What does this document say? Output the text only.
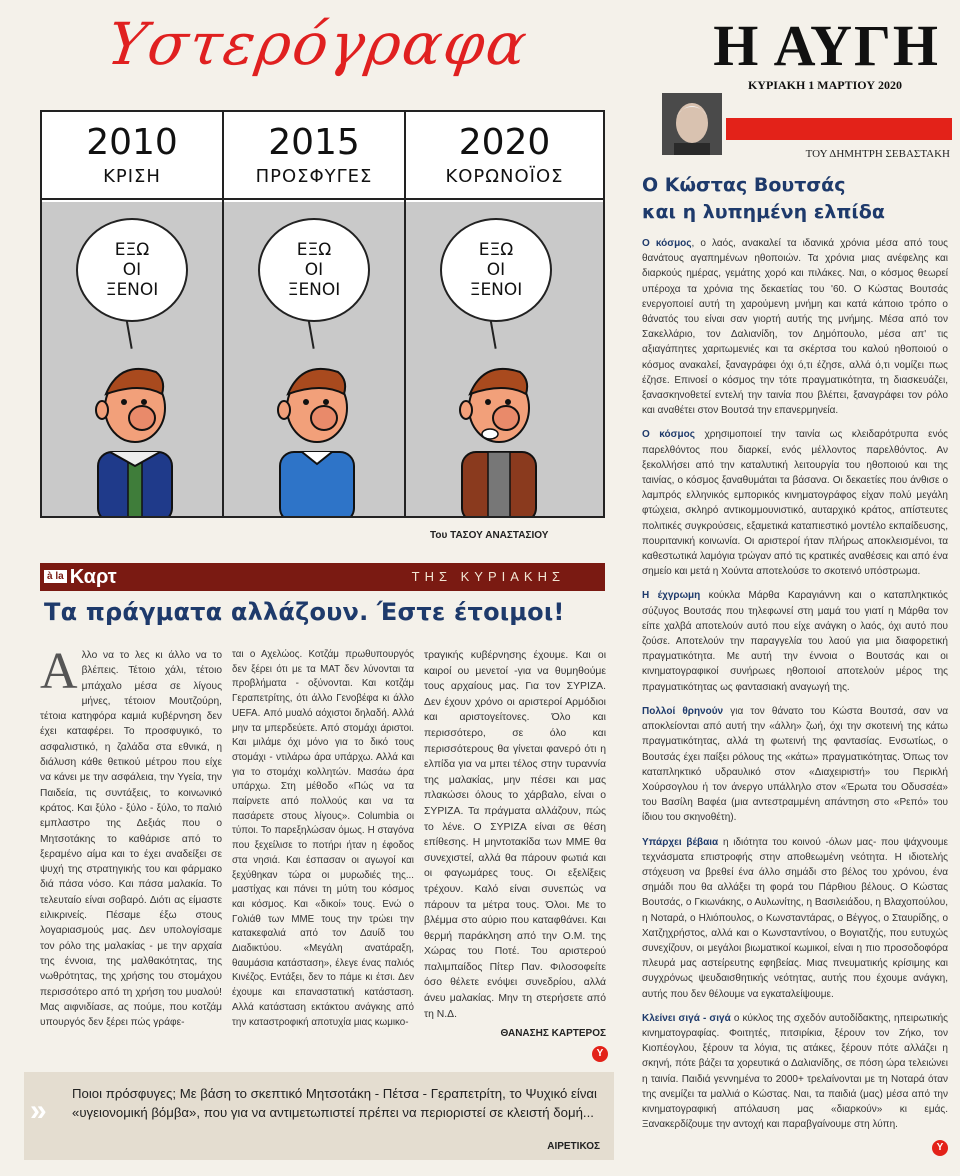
Υστερόγραφα	Η ΑΥΓΗ
ΚΥΡΙΑΚΗ 1 ΜΑΡΤΙΟΥ 2020
2010
ΚΡΙΣΗ
ΕΞΩ
ΟΙ
ΞΕΝΟΙ
2015
ΠΡΟΣΦΥΓΕΣ
ΕΞΩ
ΟΙ
ΞΕΝΟΙ
2020
ΚΟΡΩΝΟΪΟΣ
ΕΞΩ
ΟΙ
ΞΕΝΟΙ
Του ΤΑΣΟΥ ΑΝΑΣΤΑΣΙΟΥ
à la Καρτ	ΤΗΣ ΚΥΡΙΑΚΗΣ
Τα πράγματα αλλάζουν. Έστε έτοιμοι!
Αλλο να το λες κι άλλο να το βλέπεις. Τέτοιο χάλι, τέτοιο μπάχαλο μέσα σε λίγους μήνες, τέτοιον Μουτζούρη, τέτοια κατηφόρα καμιά κυβέρνηση δεν έχει καταφέρει. Το προσφυγικό, το ασφαλιστικό, η ζαλάδα στα εθνικά, η διάλυση κάθε θετικού μέτρου που είχε να κάνει με την ασφάλεια, την Υγεία, την Παιδεία, τις συντάξεις, το κοινωνικό κράτος. Και ξύλο - ξύλο - ξύλο, το παλιό εμπλαστρο της Δεξιάς που ο Μητσοτάκης το καθάρισε από το ξεραμένο αίμα και το έχει αναδείξει σε ψυχή της στρατηγικής του και φάρμακο διά πάσα νόσο. Και πάσα μαλακία. Το τελευταίο είναι σοβαρό. Διότι ας είμαστε ειλικρινείς. Πέσαμε έξω στους λογαριασμούς μας. Δεν υπολογίσαμε τον ρόλο της μαλακίας - με την αρχαία της έννοια, της μαλθακότητας, της νωθρότητας, της χρήσης του στομάχου περισσότερο από τη χρήση του μυαλού! Μας αιφνιδίασε, ας πούμε, που κοτζάμ υπουργός δεν ξέρει πώς γράφε-
ται ο Αχελώος. Κοτζάμ πρωθυπουργός δεν ξέρει ότι με τα ΜΑΤ δεν λύνονται τα προβλήματα - οξύνονται. Και κοτζάμ Γεραπετρίτης, ότι άλλο Γενοβέφα κι άλλο UEFA. Από μυαλό αόχιστοι δηλαδή. Αλλά μην τα μπερδεύετε. Από στομάχι άριστοι. Και μιλάμε όχι μόνο για το δικό τους στομάχι - ντιλάρω άρα υπάρχω. Αλλά και για το στομάχι κολλητών. Μασάω άρα υπάρχω. Στη μέθοδο «Πώς να τα παίρνετε από πολλούς και να τα πασάρετε στους λίγους». Columbia οι τύποι. Το παρεξηλώσαν όμως. Η σταγόνα που ξεχείλισε το ποτήρι ήταν η έφοδος στα νησιά. Και έσπασαν οι αγωγοί και ξεχύθηκαν τώρα οι μυρωδιές της... μαστίχας και πάνει τη μύτη του κόσμος και κόσμος. Και «δικοί» τους. Ενώ ο Γολιάθ των ΜΜΕ τους την τρώει την κατακεφαλιά από τον Δαυίδ του Διαδικτύου. «Μεγάλη ανατάραξη, θαυμάσια κατάσταση», έλεγε ένας παλιός Κινέζος. Εντάξει, δεν το πάμε κι έτσι. Δεν έχουμε και επαναστατική κατάσταση. Αλλά κατάσταση εκτάκτου ανάγκης από την καταστροφική αποτυχία μιας κωμικο-
τραγικής κυβέρνησης έχουμε. Και οι καιροί ου μενετοί -για να θυμηθούμε τους αρχαίους μας. Για τον ΣΥΡΙΖΑ. Δεν έχουν χρόνο οι αριστεροί Αρμόδιοι και αριστογείτονες. Όλο και περισσότερο, σε όλο και περισσότερους θα γίνεται φανερό ότι η ελπίδα για να μπει τέλος στην τυραννία της μαλακίας, μην πέσει και μας πλακώσει όλους το χάρβαλο, είναι ο ΣΥΡΙΖΑ. Τα πράγματα αλλάζουν, πώς το λένε. Ο ΣΥΡΙΖΑ είναι σε θέση επίθεσης. Η μηντοτακίδα των ΜΜΕ θα συνεχιστεί, αλλά θα πάρουν φωτιά και οι φαγωμάρες τους. Οι εξελίξεις τρέχουν. Καλό είναι συνεπώς να πάρουν τα μέτρα τους. Όλοι. Με το βλέμμα στο αύριο που καταφθάνει. Και θερμή παράκληση από την Ο.Μ. της Χώρας του Ποτέ. Του αριστερού παλιμπαίδος Πίτερ Παν. Φιλοσοφείτε όσο θέλετε ενόψει συνεδρίου, αλλά άνευ μαλακίας. Μην τη στερήσετε από τη Ν.Δ.
ΘΑΝΑΣΗΣ ΚΑΡΤΕΡΟΣ
Y
»
Ποιοι πρόσφυγες; Με βάση το σκεπτικό Μητσοτάκη - Πέτσα - Γεραπετρίτη, το Ψυχικό είναι «υγειονομική βόμβα», που για να αντιμετωπιστεί πρέπει να περιοριστεί σε κλειστή δομή...
ΑΙΡΕΤΙΚΟΣ
ΤΟΥ ΔΗΜΗΤΡΗ ΣΕΒΑΣΤΑΚΗ
Ο Κώστας Βουτσάς
και η λυπημένη ελπίδα

Ο κόσμος, ο λαός, ανακαλεί τα ιδανικά χρόνια μέσα από τους θανάτους αγαπημένων ηθοποιών. Τα χρόνια μιας ανέφελης και διαρκούς ημέρας, γεμάτης χορό και πιλάκες. Ναι, ο κόσμος θεωρεί υπέροχα τα χρόνια της δεκαετίας του '60. Ο Κώστας Βουτσάς ενεργοποιεί αυτή τη χαρούμενη μνήμη και κατά κάποιο τρόπο ο θάνατός του είναι σαν γιορτή αυτής της μνήμης. Μέσα από τον Σακελλάριο, τον Δαλιανίδη, τον Δημόπουλο, μέσα απ' τις αξιαγάπητες χαριτωμενιές και τα σκέρτσα του καλού ηθοποιού ο κόσμος ανακαλεί, ξαναγράφει όχι ό,τι έζησε, αλλά ό,τι νομίζει πως έζησε. Επινοεί ο κόσμος την τότε πραγματικότητα, τη διασκευάζει, ξανασκηνοθετεί εντελή την ταινία που βλέπει, ξαναγράφει τον ρόλο και αναθέτει στον Βουτσά την επανερμηνεία.

Ο κόσμος χρησιμοποιεί την ταινία ως κλειδαρότρυπα ενός παρελθόντος που διαρκεί, ενός μέλλοντος παρελθόντος. Αν ξεκολλήσει από την καταλυτική λειτουργία του ηθοποιού και της ταινίας, ο κόσμος ξαναθυμάται τα βάσανα. Οι δεκαετίες που άνθισε ο λαμπρός ελληνικός εμπορικός κινηματογράφος είχαν πολύ μεγάλη φτώχεια, σκληρό αντικομμουνιστικό, αυταρχικό κράτος, απίστευτες πολιτικές συγκρούσεις, εξαμετικά καταπιεστικό μοντέλο εκπαίδευσης, πουριτανική κοινωνία. Οι αριστεροί ήταν πλήρως αποκλεισμένοι, τα καθεστωτικά λαμόγια τρώγαν από τις κρατικές αναθέσεις και από ένα σημείο και μετά η Χούντα αποτελούσε το σκοτεινό υπόστρωμα.

Η έχγρωμη κούκλα Μάρθα Καραγιάννη και ο καταπληκτικός σύζυγος Βουτσάς που τηλεφωνεί στη μαμά του γιατί η Μάρθα τον είπε χαλβά αποτελούν αυτό που είχε ανάγκη ο λαός, όχι αυτό που ζούσε. Αποτελούν την παραγγελία του λαού για μια διαφορετική πραγματικότητα. Με αυτή την έννοια ο Βουτσάς και οι κινηματογραφικοί συνήρωες ηθοποιοί αποτελούν μέρος της πραγματικότητας ως φαντασιακή αναγωγή της.

Πολλοί θρηνούν για τον θάνατο του Κώστα Βουτσά, σαν να αποκλείονται από αυτή την «άλλη» ζωή, όχι την σκοτεινή της κάτω πραγματικότητας, αλλά τη φωτεινή της φαντασίας. Ενσωτίως, ο Βουτσάς έχει παίξει ρόλους της «κάτω» πραγματικότητας. Όπως τον καταπληκτικό υδραυλικό στον «Διαχειριστή» του Περικλή Χούρσογλου ή τον άνεργο υπάλληλο στον «Έρωτα του Οδυσσέα» του Βασίλη Βαφέα (μια αντεστραμμένη απάντηση στο «Ρεπό» του ίδιου του σκηνοθέτη).

Υπάρχει βέβαια η ιδιότητα του κοινού -όλων μας- που ψάχνουμε τεχνάσματα επιστροφής στην αποθεωμένη νεότητα. Η ιδιοτελής στόχευση να βρεθεί ένα άλλο σημάδι στο βέλος του χρόνου, ένα σημάδι που θα αλλάξει τη φορά του Πάρθιου βέλους. Ο Κώστας Βουτσάς, ο Γκιωνάκης, ο Αυλωνίτης, η Βασιλειάδου, η Βλαχοπούλου, η Νοταρά, ο Ηλιόπουλος, ο Κωνσταντάρας, ο Βέγγος, ο Σταυρίδης, ο Χατζηχρήστος, αλλά και ο Κωνσταντίνου, ο Βογιατζής, που ευτυχώς συνεχίζουν, οι μεγάλοι βιωματικοί κωμικοί, είναι η πιο προσοδοφόρα πλευρά μας αστείρευτης εφηβείας. Μιας πνευματικής κρίσιμης και συγχρόνως ψευδαισθητικής νεότητας, αυτής που έχουμε ανάγκη, αυτής που δεν θέλουμε να εγκαταλείψουμε.

Κλείνει σιγά - σιγά ο κύκλος της σχεδόν αυτοδίδακτης, ηπειρωτικής κινηματογραφίας. Φοιτητές, πιτσιρίκια, ξέρουν τον Ζήκο, τον Κιοπέογλου, ξέρουν τα λόγια, τις ατάκες, ξέρουν πότε αλλάζει η σκηνή, πότε βάζει τα χορευτικά ο Δαλιανίδης, σε πόση ώρα τελειώνει η ταινία. Παιδιά γεννημένα το 2000+ τρελαίνονται με τη Νοταρά όταν της ανεμίζει τα μαλλιά ο Κώστας. Ναι, τα παιδιά (μας) μέσα από την κινηματογραφική απόλαυση μας «διαρκούν» κι εμάς. Ξανακερδίζουμε την αντοχή και παραβγαίνουμε στη λύπη.

Y
